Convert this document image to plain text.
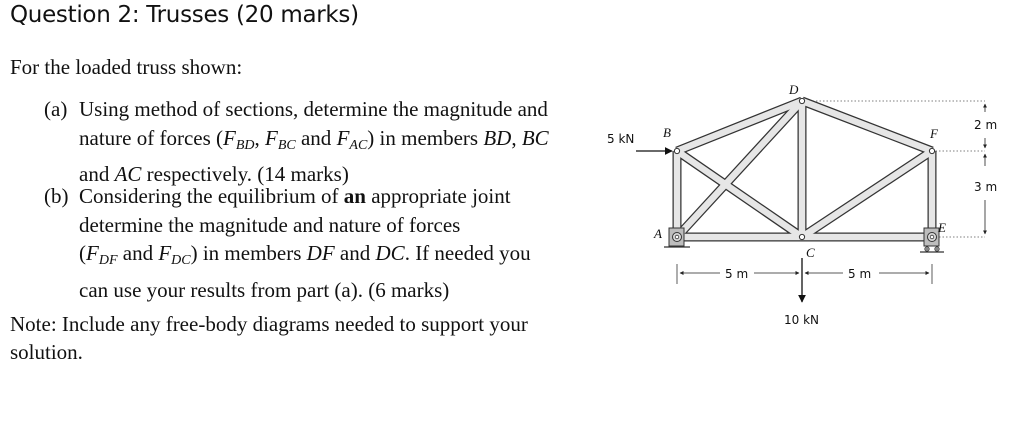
Question 2: Trusses (20 marks)
For the loaded truss shown:
(a) Using method of sections, determine the magnitude and
nature of forces ($F_{BD}$, $F_{BC}$ and $F_{AC}$) in members BD, BC
and AC respectively. (14 marks)
(b) Considering the equilibrium of an appropriate joint
determine the magnitude and nature of forces
($F_{DF}$ and $F_{DC}$) in members DF and DC. If needed you
can use your results from part (a). (6 marks)
Note: Include any free-body diagrams needed to support your
solution.
D
B	F
A	E
C
5 kN
10 kN
5 m	5 m
2 m
3 m
